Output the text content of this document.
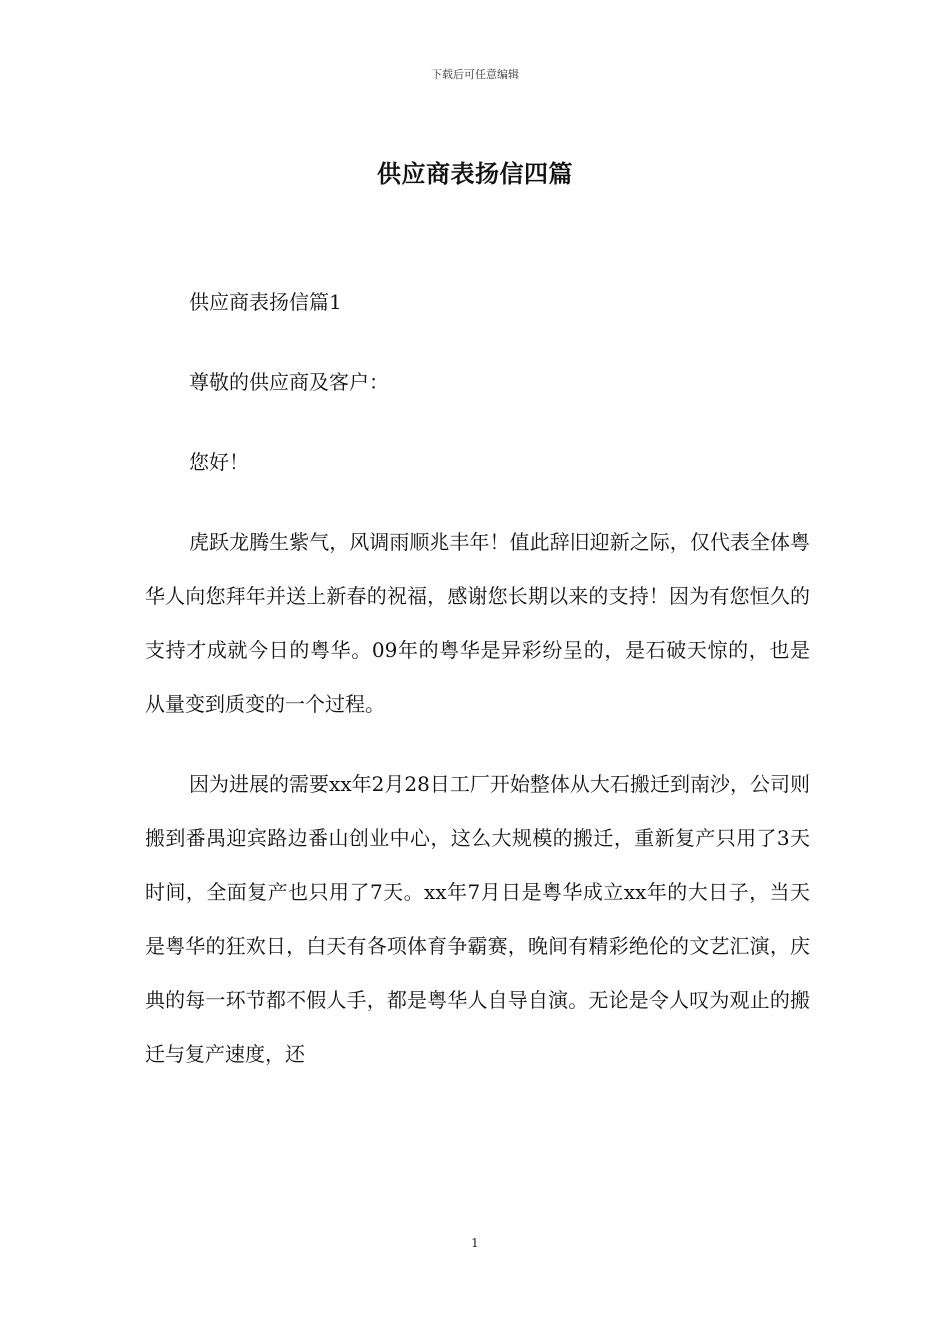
下载后可任意编辑
供应商表扬信四篇

供应商表扬信篇1

尊敬的供应商及客户：

您好！

虎跃龙腾生紫气，风调雨顺兆丰年！值此辞旧迎新之际，仅代表全体粤华人向您拜年并送上新春的祝福，感谢您长期以来的支持！因为有您恒久的支持才成就今日的粤华。09年的粤华是异彩纷呈的，是石破天惊的，也是从量变到质变的一个过程。

因为进展的需要xx年2月28日工厂开始整体从大石搬迁到南沙，公司则搬到番禺迎宾路边番山创业中心，这么大规模的搬迁，重新复产只用了3天时间，全面复产也只用了7天。xx年7月日是粤华成立xx年的大日子，当天是粤华的狂欢日，白天有各项体育争霸赛，晚间有精彩绝伦的文艺汇演，庆典的每一环节都不假人手，都是粤华人自导自演。无论是令人叹为观止的搬迁与复产速度，还

1
